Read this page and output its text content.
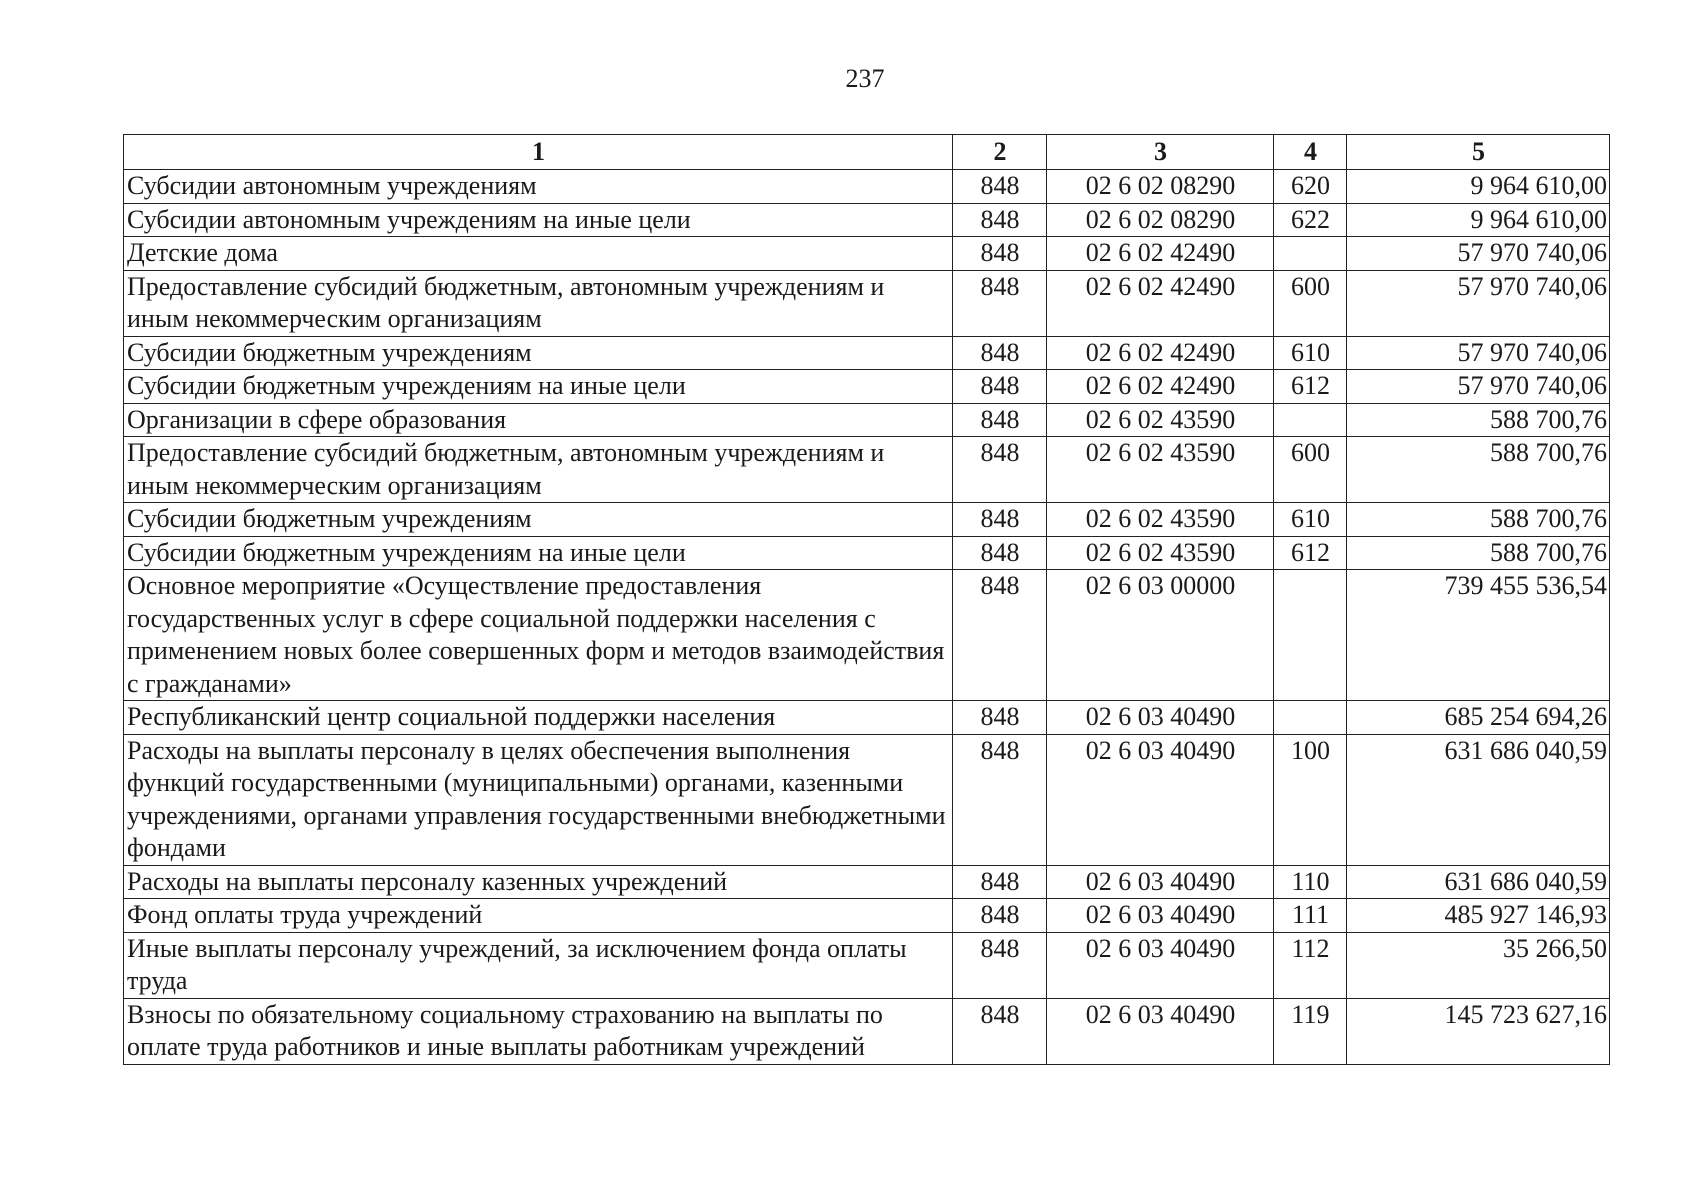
237
1	2	3	4	5
Субсидии автономным учреждениям	848	02 6 02 08290	620	9 964 610,00
Субсидии автономным учреждениям на иные цели	848	02 6 02 08290	622	9 964 610,00
Детские дома	848	02 6 02 42490		57 970 740,06
Предоставление субсидий бюджетным, автономным учреждениям и иным некоммерческим организациям	848	02 6 02 42490	600	57 970 740,06
Субсидии бюджетным учреждениям	848	02 6 02 42490	610	57 970 740,06
Субсидии бюджетным учреждениям на иные цели	848	02 6 02 42490	612	57 970 740,06
Организации в сфере образования	848	02 6 02 43590		588 700,76
Предоставление субсидий бюджетным, автономным учреждениям и иным некоммерческим организациям	848	02 6 02 43590	600	588 700,76
Субсидии бюджетным учреждениям	848	02 6 02 43590	610	588 700,76
Субсидии бюджетным учреждениям на иные цели	848	02 6 02 43590	612	588 700,76
Основное мероприятие «Осуществление предоставления государственных услуг в сфере социальной поддержки населения с применением новых более совершенных форм и методов взаимодействия с гражданами»	848	02 6 03 00000		739 455 536,54
Республиканский центр социальной поддержки населения	848	02 6 03 40490		685 254 694,26
Расходы на выплаты персоналу в целях обеспечения выполнения функций государственными (муниципальными) органами, казенными учреждениями, органами управления государственными внебюджетными фондами	848	02 6 03 40490	100	631 686 040,59
Расходы на выплаты персоналу казенных учреждений	848	02 6 03 40490	110	631 686 040,59
Фонд оплаты труда учреждений	848	02 6 03 40490	111	485 927 146,93
Иные выплаты персоналу учреждений, за исключением фонда оплаты труда	848	02 6 03 40490	112	35 266,50
Взносы по обязательному социальному страхованию на выплаты по оплате труда работников и иные выплаты работникам учреждений	848	02 6 03 40490	119	145 723 627,16
